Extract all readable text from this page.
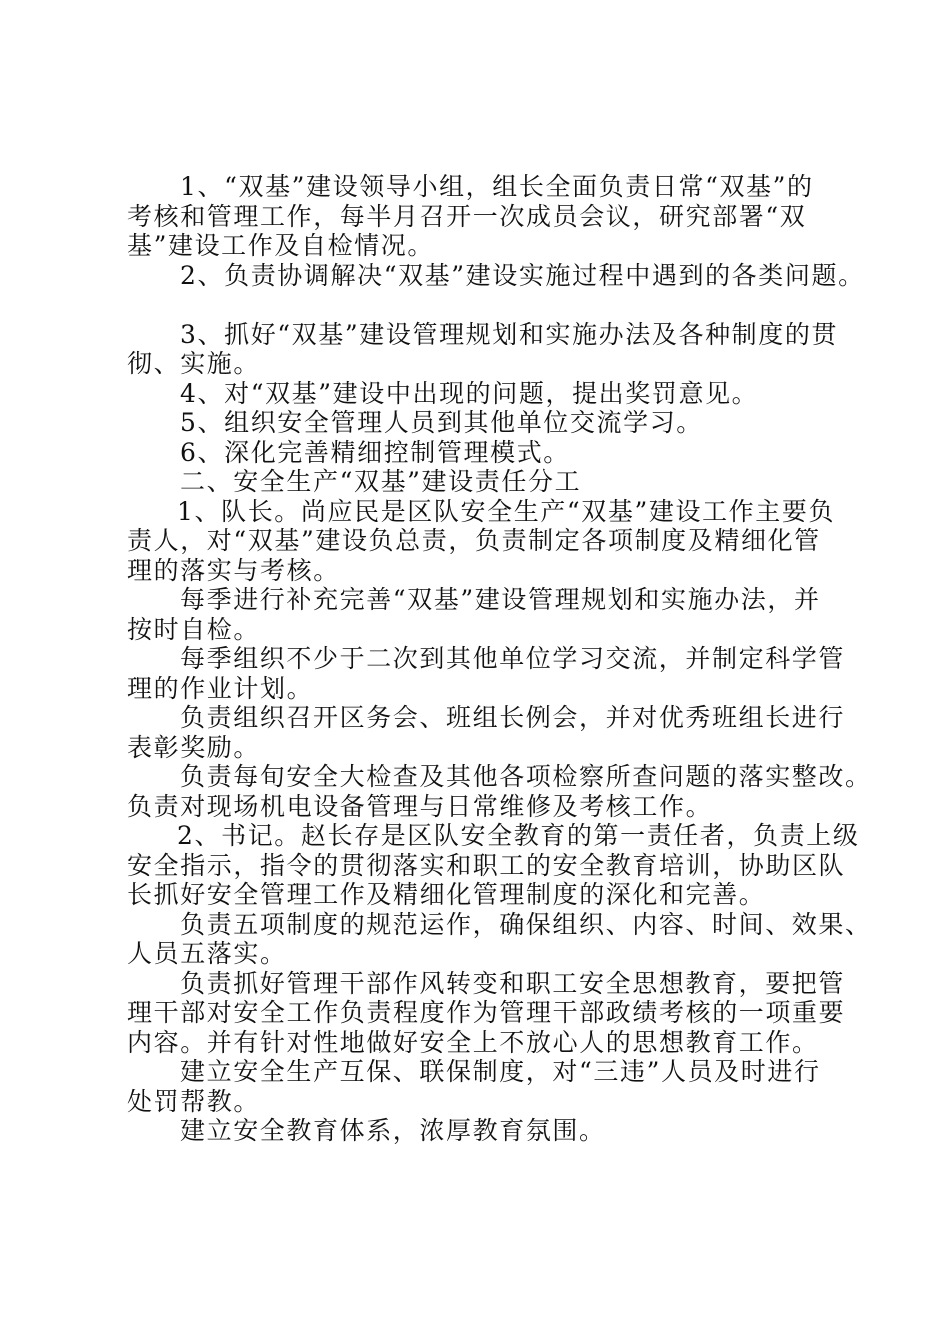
1、“双基”建设领导小组，组长全面负责日常“双基”的
考核和管理工作，每半月召开一次成员会议，研究部署“双
基”建设工作及自检情况。
2、负责协调解决“双基”建设实施过程中遇到的各类问题。
3、抓好“双基”建设管理规划和实施办法及各种制度的贯
彻、实施。
4、对“双基”建设中出现的问题，提出奖罚意见。
5、组织安全管理人员到其他单位交流学习。
6、深化完善精细控制管理模式。
二、安全生产“双基”建设责任分工
1、队长。尚应民是区队安全生产“双基”建设工作主要负
责人，对“双基”建设负总责，负责制定各项制度及精细化管
理的落实与考核。
每季进行补充完善“双基”建设管理规划和实施办法，并
按时自检。
每季组织不少于二次到其他单位学习交流，并制定科学管
理的作业计划。
负责组织召开区务会、班组长例会，并对优秀班组长进行
表彰奖励。
负责每旬安全大检查及其他各项检察所查问题的落实整改。
负责对现场机电设备管理与日常维修及考核工作。
2、书记。赵长存是区队安全教育的第一责任者，负责上级
安全指示，指令的贯彻落实和职工的安全教育培训，协助区队
长抓好安全管理工作及精细化管理制度的深化和完善。
负责五项制度的规范运作，确保组织、内容、时间、效果、
人员五落实。
负责抓好管理干部作风转变和职工安全思想教育，要把管
理干部对安全工作负责程度作为管理干部政绩考核的一项重要
内容。并有针对性地做好安全上不放心人的思想教育工作。
建立安全生产互保、联保制度，对“三违”人员及时进行
处罚帮教。
建立安全教育体系，浓厚教育氛围。
